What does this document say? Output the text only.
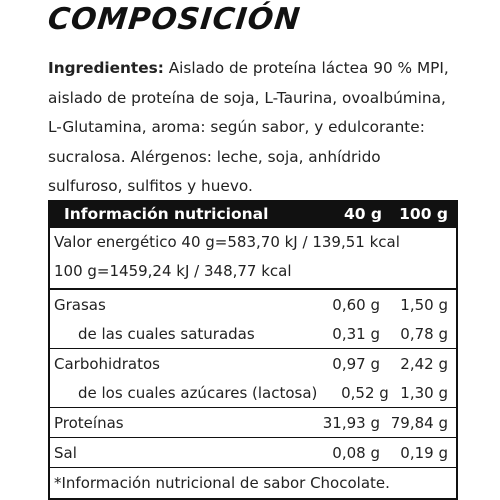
COMPOSICIÓN
Ingredientes: Aislado de proteína láctea 90 % MPI, aislado de proteína de soja, L-Taurina, ovoalbúmina, L-Glutamina, aroma: según sabor, y edulcorante: sucralosa. Alérgenos: leche, soja, anhídrido sulfuroso, sulfitos y huevo.
Información nutricional	40 g	100 g
Valor energético 40 g=583,70 kJ / 139,51 kcal
100 g=1459,24 kJ / 348,77 kcal
Grasas	0,60 g	1,50 g
de las cuales saturadas	0,31 g	0,78 g
Carbohidratos	0,97 g	2,42 g
de los cuales azúcares (lactosa)	0,52 g 1,30 g
Proteínas	31,93 g 79,84 g
Sal	0,08 g	0,19 g
*Información nutricional de sabor Chocolate.
